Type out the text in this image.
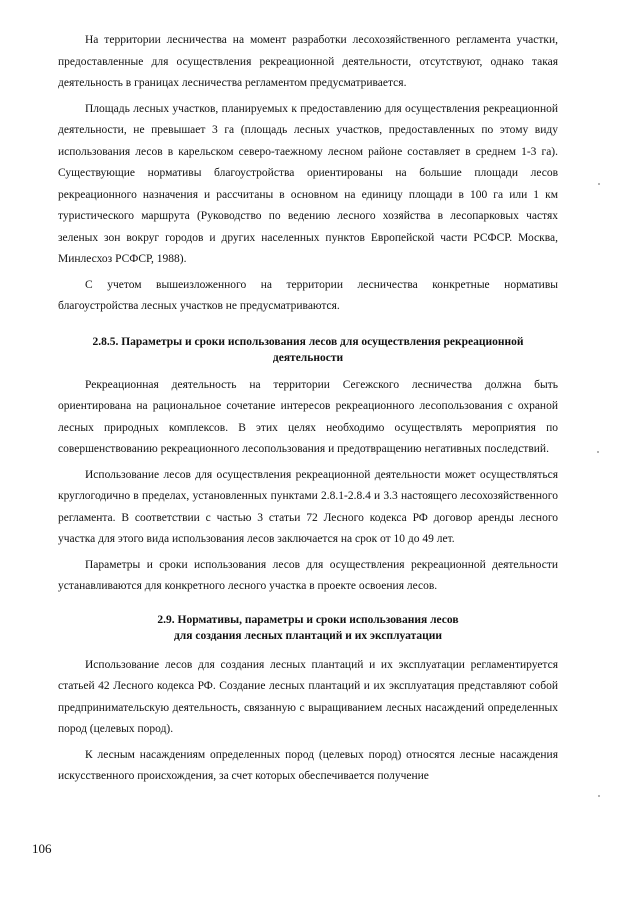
На территории лесничества на момент разработки лесохозяйственного регламента участки, предоставленные для осуществления рекреационной деятельности, отсутствуют, однако такая деятельность в границах лесничества регламентом предусматривается.

Площадь лесных участков, планируемых к предоставлению для осуществления рекреационной деятельности, не превышает 3 га (площадь лесных участков, предоставленных по этому виду использования лесов в карельском северо-таежному лесном районе составляет в среднем 1-3 га). Существующие нормативы благоустройства ориентированы на большие площади лесов рекреационного назначения и рассчитаны в основном на единицу площади в 100 га или 1 км туристического маршрута (Руководство по ведению лесного хозяйства в лесопарковых частях зеленых зон вокруг городов и других населенных пунктов Европейской части РСФСР. Москва, Минлесхоз РСФСР, 1988).

С учетом вышеизложенного на территории лесничества конкретные нормативы благоустройства лесных участков не предусматриваются.

2.8.5. Параметры и сроки использования лесов для осуществления рекреационной
деятельности

Рекреационная деятельность на территории Сегежского лесничества должна быть ориентирована на рациональное сочетание интересов рекреационного лесопользования с охраной лесных природных комплексов. В этих целях необходимо осуществлять мероприятия по совершенствованию рекреационного лесопользования и предотвращению негативных последствий.

Использование лесов для осуществления рекреационной деятельности может осуществляться круглогодично в пределах, установленных пунктами 2.8.1-2.8.4 и 3.3 настоящего лесохозяйственного регламента. В соответствии с частью 3 статьи 72 Лесного кодекса РФ договор аренды лесного участка для этого вида использования лесов заключается на срок от 10 до 49 лет.

Параметры и сроки использования лесов для осуществления рекреационной деятельности устанавливаются для конкретного лесного участка в проекте освоения лесов.

2.9. Нормативы, параметры и сроки использования лесов
для создания лесных плантаций и их эксплуатации

Использование лесов для создания лесных плантаций и их эксплуатации регламентируется статьей 42 Лесного кодекса РФ. Создание лесных плантаций и их эксплуатация представляют собой предпринимательскую деятельность, связанную с выращиванием лесных насаждений определенных пород (целевых пород).

К лесным насаждениям определенных пород (целевых пород) относятся лесные насаждения искусственного происхождения, за счет которых обеспечивается получение

106
